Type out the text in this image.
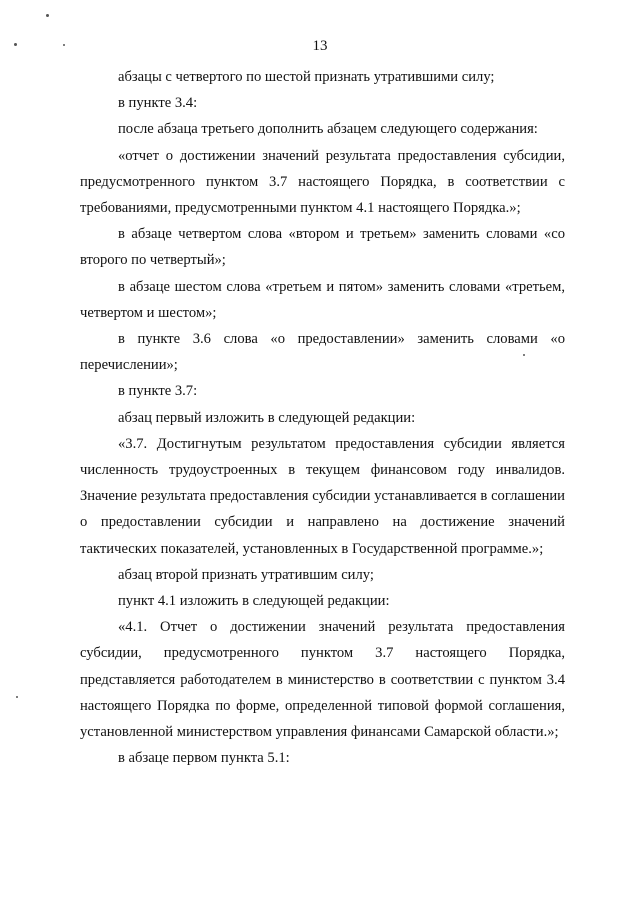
13

абзацы с четвертого по шестой признать утратившими силу;

в пункте 3.4:

после абзаца третьего дополнить абзацем следующего содержания:

«отчет о достижении значений результата предоставления субсидии, предусмотренного пунктом 3.7 настоящего Порядка, в соответствии с требованиями, предусмотренными пунктом 4.1 настоящего Порядка.»;

в абзаце четвертом слова «втором и третьем» заменить словами «со второго по четвертый»;

в абзаце шестом слова «третьем и пятом» заменить словами «третьем, четвертом и шестом»;

в пункте 3.6 слова «о предоставлении» заменить словами «о перечислении»;

в пункте 3.7:

абзац первый изложить в следующей редакции:

«3.7. Достигнутым результатом предоставления субсидии является численность трудоустроенных в текущем финансовом году инвалидов. Значение результата предоставления субсидии устанавливается в соглашении о предоставлении субсидии и направлено на достижение значений тактических показателей, установленных в Государственной программе.»;

абзац второй признать утратившим силу;

пункт 4.1 изложить в следующей редакции:

«4.1. Отчет о достижении значений результата предоставления субсидии, предусмотренного пунктом 3.7 настоящего Порядка, представляется работодателем в министерство в соответствии с пунктом 3.4 настоящего Порядка по форме, определенной типовой формой соглашения, установленной министерством управления финансами Самарской области.»;

в абзаце первом пункта 5.1:
